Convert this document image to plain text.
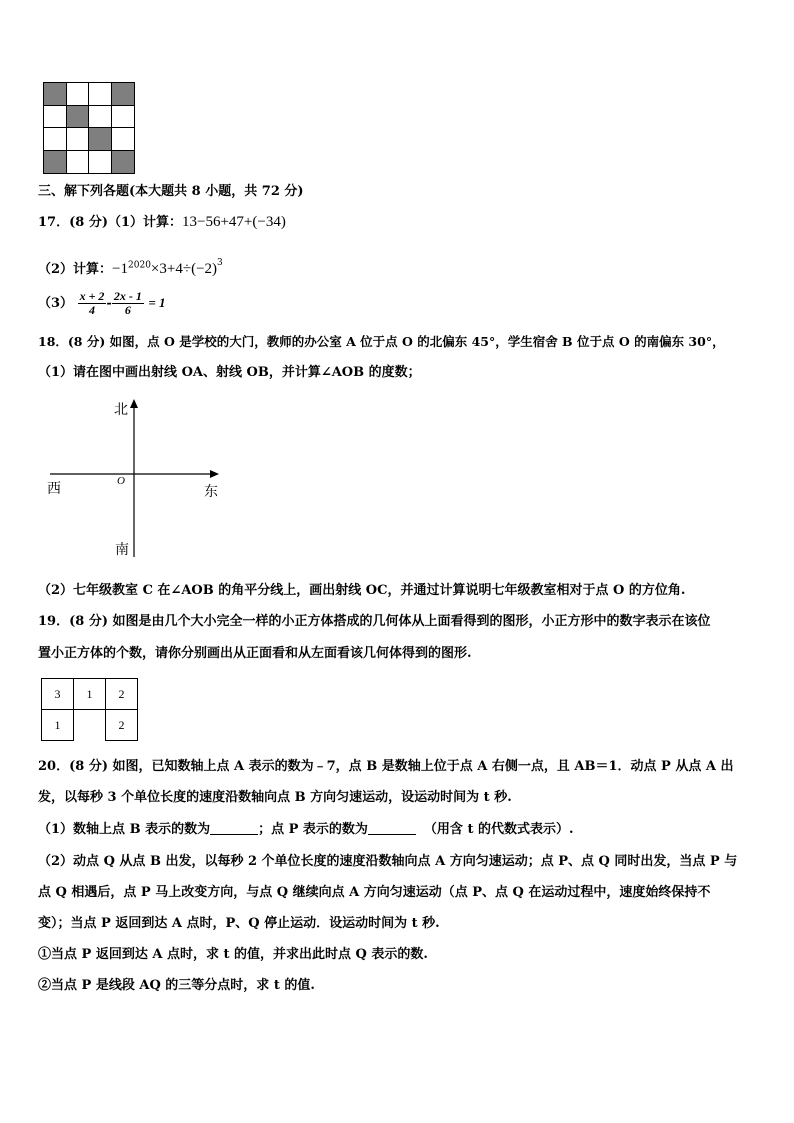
三、解下列各题(本大题共 8 小题，共 72 分)
17．(8 分)（1）计算：13−56+47+(−34)
（2）计算：$-1^{2020}\times 3+4\div(-2)^3$
$(3) \frac{x + 2}{4} - \frac{2x - 1}{6} = 1$
18．(8 分) 如图，点 O 是学校的大门，教师的办公室 A 位于点 O 的北偏东 45°，学生宿舍 B 位于点 O 的南偏东 30°，
（1）请在图中画出射线 OA、射线 OB，并计算∠AOB 的度数；
北
西	O
东
南
（2）七年级教室 C 在∠AOB 的角平分线上，画出射线 OC，并通过计算说明七年级教室相对于点 O 的方位角.
19．(8 分) 如图是由几个大小完全一样的小正方体搭成的几何体从上面看得到的图形，小正方形中的数字表示在该位
置小正方体的个数，请你分别画出从正面看和从左面看该几何体得到的图形.
3	1	2
1		2
20．(8 分) 如图，已知数轴上点 A 表示的数为﹣7，点 B 是数轴上位于点 A 右侧一点，且 AB＝1．动点 P 从点 A 出
发，以每秒 3 个单位长度的速度沿数轴向点 B 方向匀速运动，设运动时间为 t 秒.
（1）数轴上点 B 表示的数为	；点 P 表示的数为	（用含 t 的代数式表示）.
（2）动点 Q 从点 B 出发，以每秒 2 个单位长度的速度沿数轴向点 A 方向匀速运动；点 P、点 Q 同时出发，当点 P 与
点 Q 相遇后，点 P 马上改变方向，与点 Q 继续向点 A 方向匀速运动（点 P、点 Q 在运动过程中，速度始终保持不
变）；当点 P 返回到达 A 点时，P、Q 停止运动．设运动时间为 t 秒.
①当点 P 返回到达 A 点时，求 t 的值，并求出此时点 Q 表示的数.
②当点 P 是线段 AQ 的三等分点时，求 t 的值.
